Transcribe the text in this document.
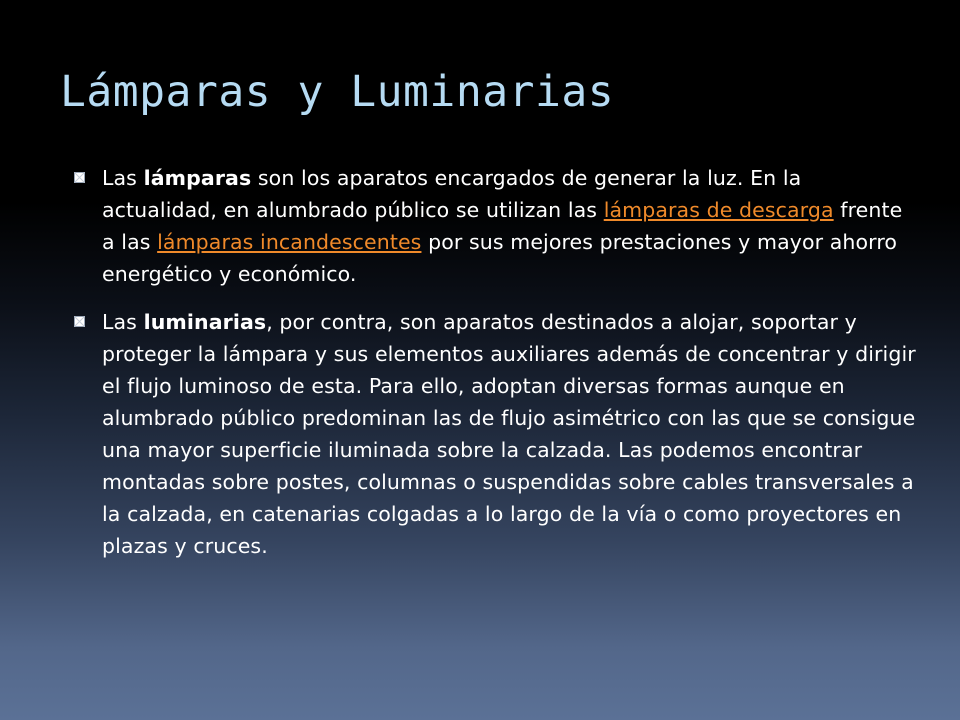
Lámparas y Luminarias
Las lámparas son los aparatos encargados de generar la luz. En la actualidad, en alumbrado público se utilizan las lámparas de descarga frente a las lámparas incandescentes por sus mejores prestaciones y mayor ahorro energético y económico.
Las luminarias, por contra, son aparatos destinados a alojar, soportar y proteger la lámpara y sus elementos auxiliares además de concentrar y dirigir el flujo luminoso de esta. Para ello, adoptan diversas formas aunque en alumbrado público predominan las de flujo asimétrico con las que se consigue una mayor superficie iluminada sobre la calzada. Las podemos encontrar montadas sobre postes, columnas o suspendidas sobre cables transversales a la calzada, en catenarias colgadas a lo largo de la vía o como proyectores en plazas y cruces.
